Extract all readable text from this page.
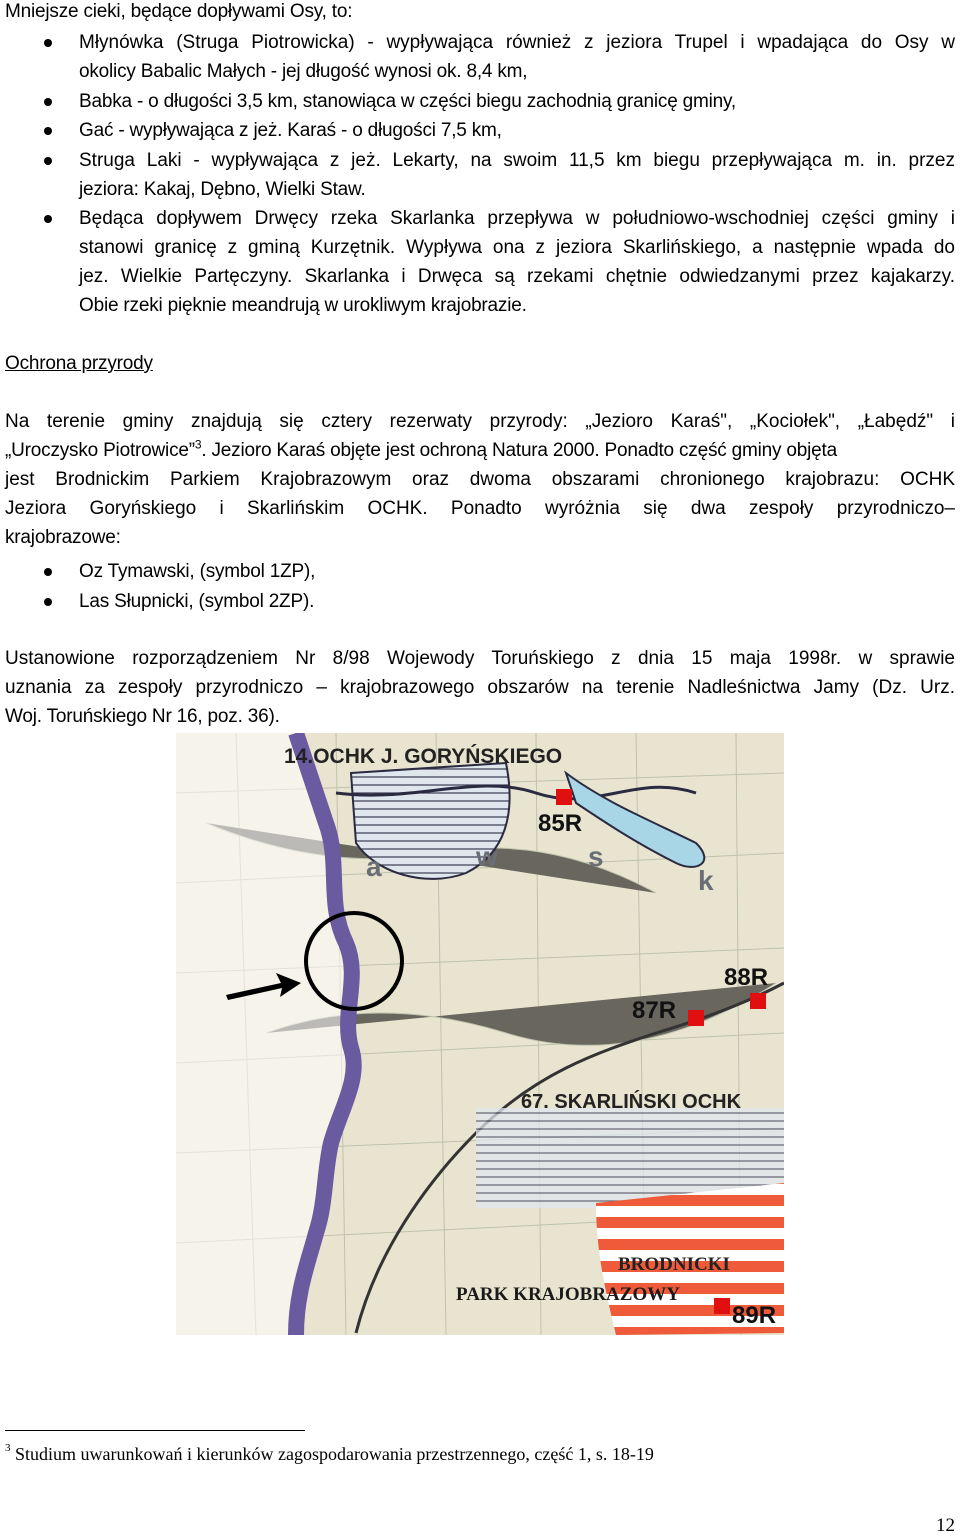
Mniejsze cieki, będące dopływami Osy, to:
Młynówka (Struga Piotrowicka) - wypływająca również z jeziora Trupel i wpadająca do Osy w
okolicy Babalic Małych - jej długość wynosi ok. 8,4 km,
Babka - o długości 3,5 km, stanowiąca w części biegu zachodnią granicę gminy,
Gać - wypływająca z jeż. Karaś - o długości 7,5 km,
Struga Laki - wypływająca z jeż. Lekarty, na swoim 11,5 km biegu przepływająca m. in. przez
jeziora: Kakaj, Dębno, Wielki Staw.
Będąca dopływem Drwęcy rzeka Skarlanka przepływa w południowo-wschodniej części gminy i
stanowi granicę z gminą Kurzętnik. Wypływa ona z jeziora Skarlińskiego, a następnie wpada do
jez. Wielkie Partęczyny. Skarlanka i Drwęca są rzekami chętnie odwiedzanymi przez kajakarzy.
Obie rzeki pięknie meandrują w urokliwym krajobrazie.
Ochrona przyrody
Na terenie gminy znajdują się cztery rezerwaty przyrody: „Jezioro Karaś", „Kociołek", „Łabędź" i
„Uroczysko Piotrowice”$^3$. Jezioro Karaś objęte jest ochroną Natura 2000. Ponadto część gminy objęta
jest Brodnickim Parkiem Krajobrazowym oraz dwoma obszarami chronionego krajobrazu: OCHK
Jeziora Goryńskiego i Skarlińskim OCHK. Ponadto wyróżnia się dwa zespoły przyrodniczo–
krajobrazowe:
Oz Tymawski, (symbol 1ZP),
Las Słupnicki, (symbol 2ZP).
Ustanowione rozporządzeniem Nr 8/98 Wojewody Toruńskiego z dnia 15 maja 1998r. w sprawie
uznania za zespoły przyrodniczo – krajobrazowego obszarów na terenie Nadleśnictwa Jamy (Dz. Urz.
Woj. Toruńskiego Nr 16, poz. 36).
14.OCHK J. GORYŃSKIEGO
67. SKARLIŃSKI OCHK
BRODNICKI
PARK KRAJOBRAZOWY
85R
87R
88R
89R
a	w	s
k
$^3$ Studium uwarunkowań i kierunków zagospodarowania przestrzennego, część 1, s. 18-19
12
